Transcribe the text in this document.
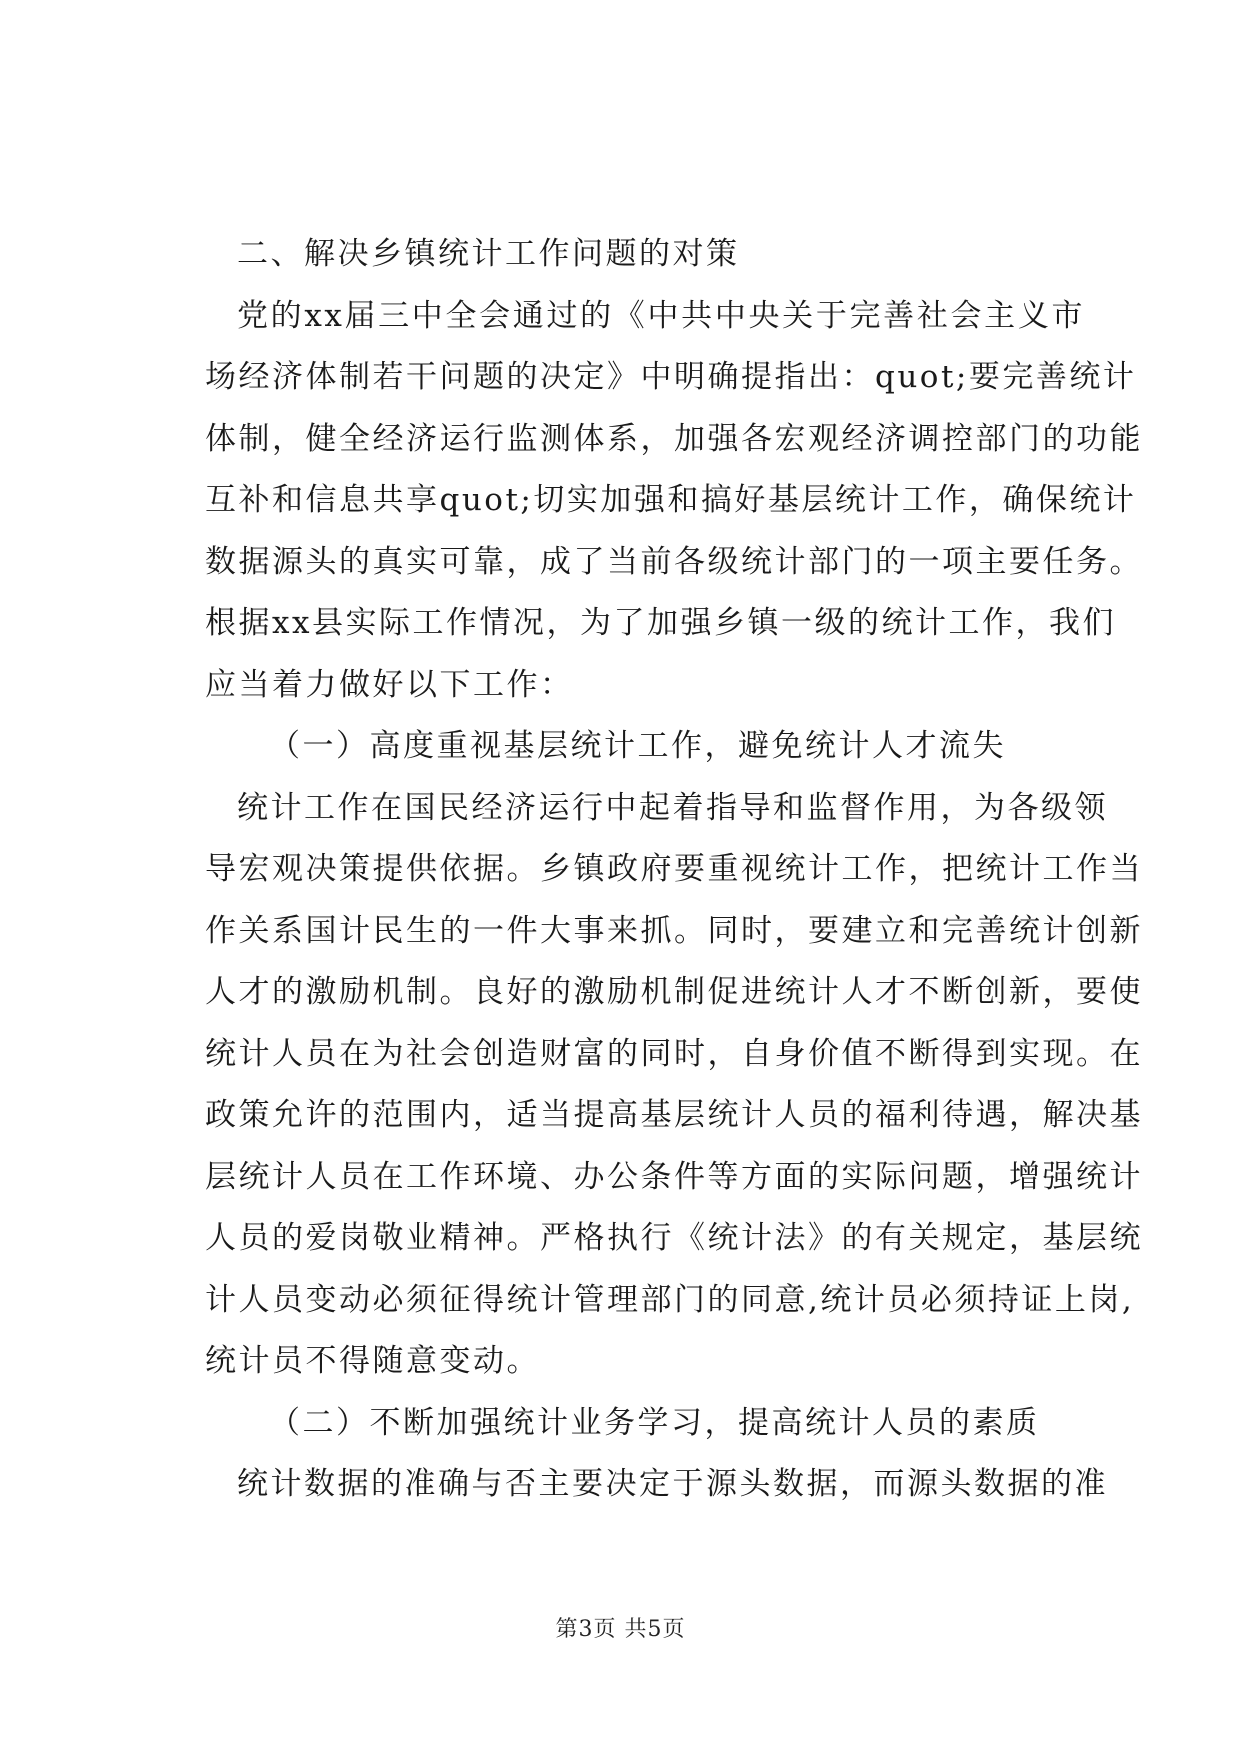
二、解决乡镇统计工作问题的对策
党的xx届三中全会通过的《中共中央关于完善社会主义市
场经济体制若干问题的决定》中明确提指出：quot;要完善统计
体制，健全经济运行监测体系，加强各宏观经济调控部门的功能
互补和信息共享quot;切实加强和搞好基层统计工作，确保统计
数据源头的真实可靠，成了当前各级统计部门的一项主要任务。
根据xx县实际工作情况，为了加强乡镇一级的统计工作，我们
应当着力做好以下工作：
（一）高度重视基层统计工作，避免统计人才流失
统计工作在国民经济运行中起着指导和监督作用，为各级领
导宏观决策提供依据。乡镇政府要重视统计工作，把统计工作当
作关系国计民生的一件大事来抓。同时，要建立和完善统计创新
人才的激励机制。良好的激励机制促进统计人才不断创新，要使
统计人员在为社会创造财富的同时，自身价值不断得到实现。在
政策允许的范围内，适当提高基层统计人员的福利待遇，解决基
层统计人员在工作环境、办公条件等方面的实际问题，增强统计
人员的爱岗敬业精神。严格执行《统计法》的有关规定，基层统
计人员变动必须征得统计管理部门的同意,统计员必须持证上岗,
统计员不得随意变动。
（二）不断加强统计业务学习，提高统计人员的素质
统计数据的准确与否主要决定于源头数据，而源头数据的准
第3页 共5页
